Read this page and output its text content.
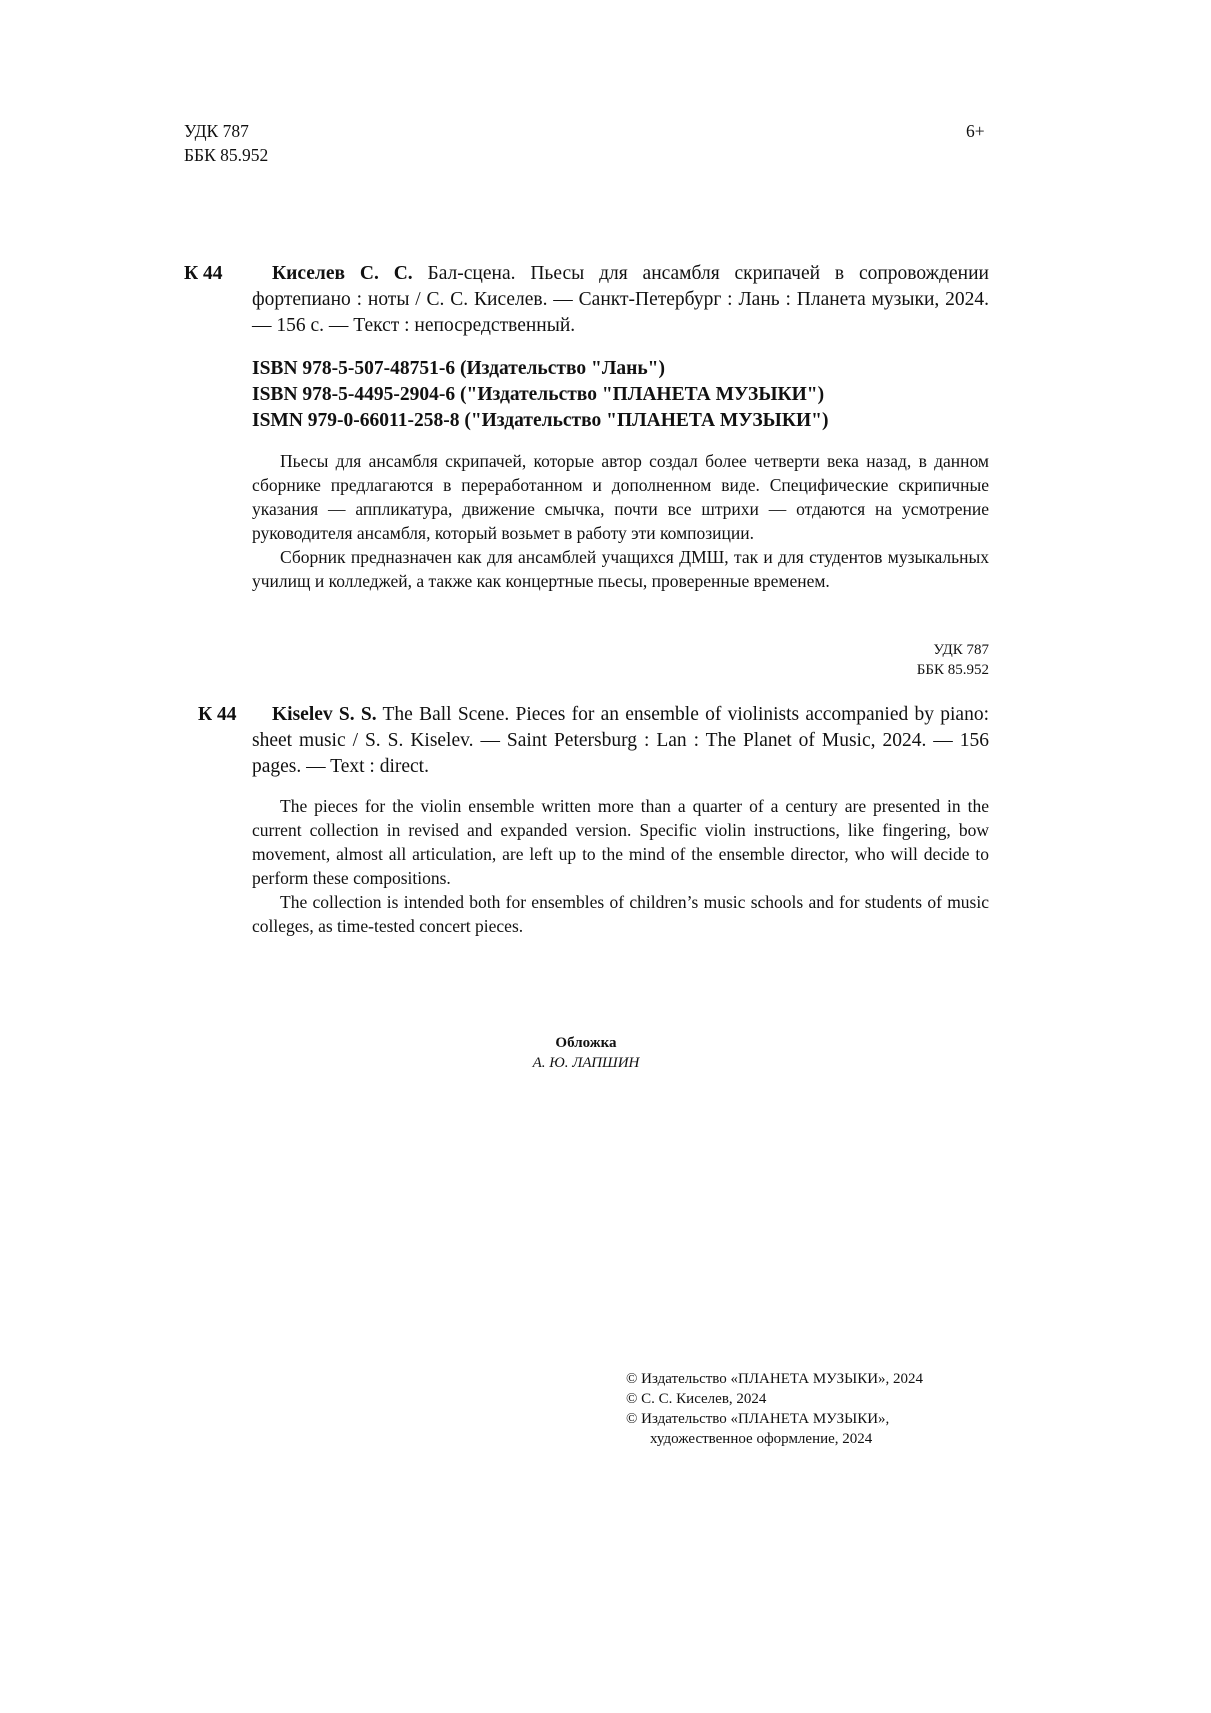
УДК 787
ББК 85.952
6+
К 44	Киселев С. С. Бал-сцена. Пьесы для ансамбля скрипачей в сопровождении фортепиано : ноты / С. С. Киселев. — Санкт-Петербург : Лань : Планета музыки, 2024. — 156 с. — Текст : непосредственный.
ISBN 978-5-507-48751-6 (Издательство "Лань")
ISBN 978-5-4495-2904-6 ("Издательство "ПЛАНЕТА МУЗЫКИ")
ISMN 979-0-66011-258-8 ("Издательство "ПЛАНЕТА МУЗЫКИ")

Пьесы для ансамбля скрипачей, которые автор создал более четверти века назад, в данном сборнике предлагаются в переработанном и дополненном виде. Специфические скрипичные указания — аппликатура, движение смычка, почти все штрихи — отдаются на усмотрение руководителя ансамбля, который возьмет в работу эти композиции.

Сборник предназначен как для ансамблей учащихся ДМШ, так и для студентов музыкальных училищ и колледжей, а также как концертные пьесы, проверенные временем.

УДК 787
ББК 85.952
К 44	Kiselev S. S. The Ball Scene. Pieces for an ensemble of violinists accompanied by piano: sheet music / S. S. Kiselev. — Saint Petersburg : Lan : The Planet of Music, 2024. — 156 pages. — Text : direct.

The pieces for the violin ensemble written more than a quarter of a century are presented in the current collection in revised and expanded version. Specific violin instructions, like fingering, bow movement, almost all articulation, are left up to the mind of the ensemble director, who will decide to perform these compositions.

The collection is intended both for ensembles of children’s music schools and for students of music colleges, as time-tested concert pieces.

Обложка
А. Ю. ЛАПШИН
© Издательство «ПЛАНЕТА МУЗЫКИ», 2024
© С. С. Киселев, 2024
© Издательство «ПЛАНЕТА МУЗЫКИ»,
художественное оформление, 2024
